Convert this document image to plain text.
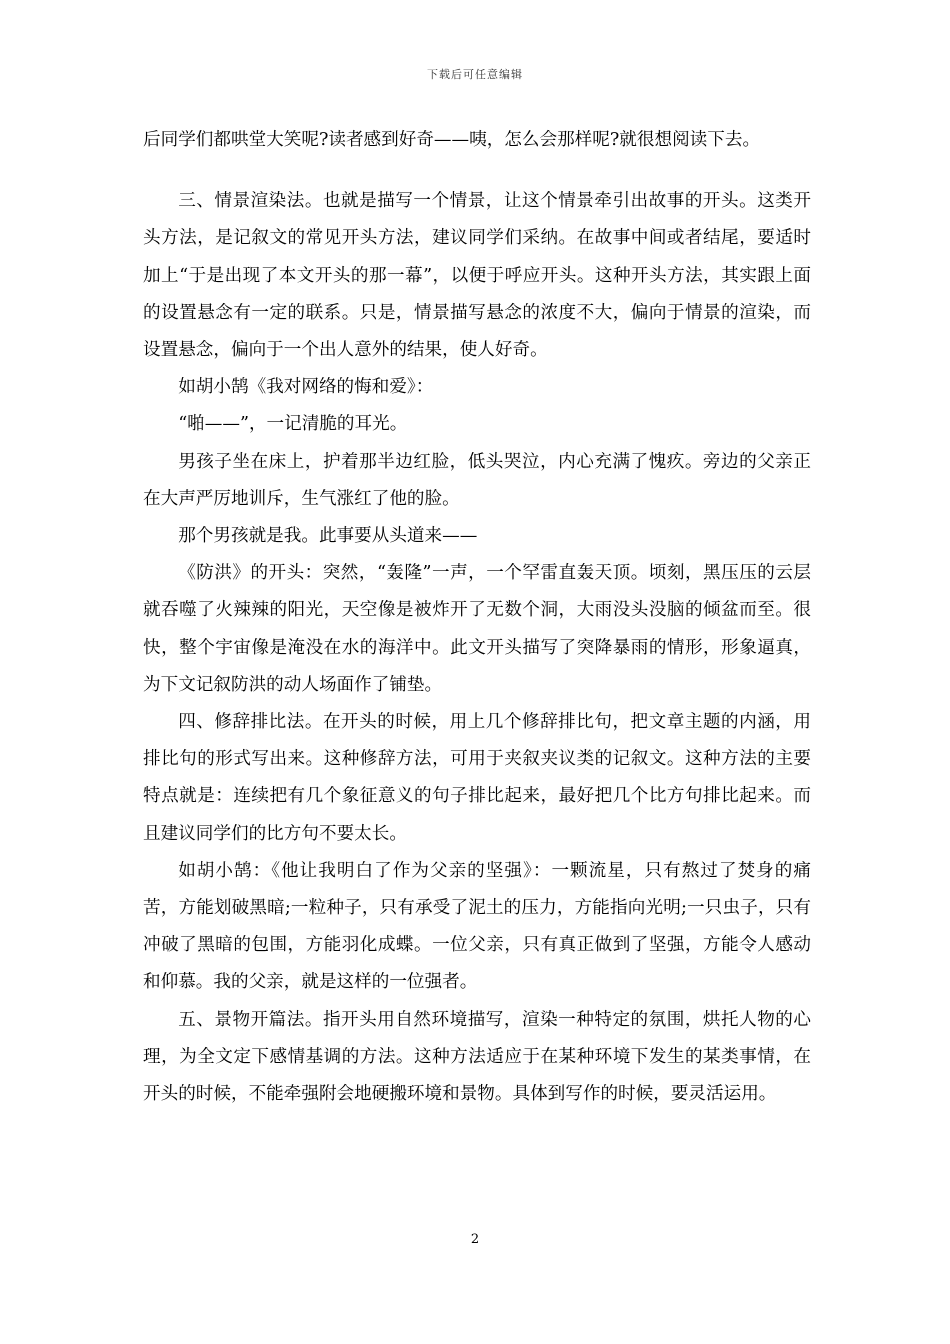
下载后可任意编辑

后同学们都哄堂大笑呢?读者感到好奇——咦，怎么会那样呢?就很想阅读下去。

三、情景渲染法。也就是描写一个情景，让这个情景牵引出故事的开头。这类开头方法，是记叙文的常见开头方法，建议同学们采纳。在故事中间或者结尾，要适时加上“于是出现了本文开头的那一幕”，以便于呼应开头。这种开头方法，其实跟上面的设置悬念有一定的联系。只是，情景描写悬念的浓度不大，偏向于情景的渲染，而设置悬念，偏向于一个出人意外的结果，使人好奇。

如胡小鹄《我对网络的悔和爱》：

“啪——”，一记清脆的耳光。

男孩子坐在床上，护着那半边红脸，低头哭泣，内心充满了愧疚。旁边的父亲正在大声严厉地训斥，生气涨红了他的脸。

那个男孩就是我。此事要从头道来——

《防洪》的开头：突然，“轰隆”一声，一个罕雷直轰天顶。顷刻，黑压压的云层就吞噬了火辣辣的阳光，天空像是被炸开了无数个洞，大雨没头没脑的倾盆而至。很快，整个宇宙像是淹没在水的海洋中。此文开头描写了突降暴雨的情形，形象逼真，为下文记叙防洪的动人场面作了铺垫。

四、修辞排比法。在开头的时候，用上几个修辞排比句，把文章主题的内涵，用排比句的形式写出来。这种修辞方法，可用于夹叙夹议类的记叙文。这种方法的主要特点就是：连续把有几个象征意义的句子排比起来，最好把几个比方句排比起来。而且建议同学们的比方句不要太长。

如胡小鹄：《他让我明白了作为父亲的坚强》：一颗流星，只有熬过了焚身的痛苦，方能划破黑暗;一粒种子，只有承受了泥土的压力，方能指向光明;一只虫子，只有冲破了黑暗的包围，方能羽化成蝶。一位父亲，只有真正做到了坚强，方能令人感动和仰慕。我的父亲，就是这样的一位强者。

五、景物开篇法。指开头用自然环境描写，渲染一种特定的氛围，烘托人物的心理，为全文定下感情基调的方法。这种方法适应于在某种环境下发生的某类事情，在开头的时候，不能牵强附会地硬搬环境和景物。具体到写作的时候，要灵活运用。

2
